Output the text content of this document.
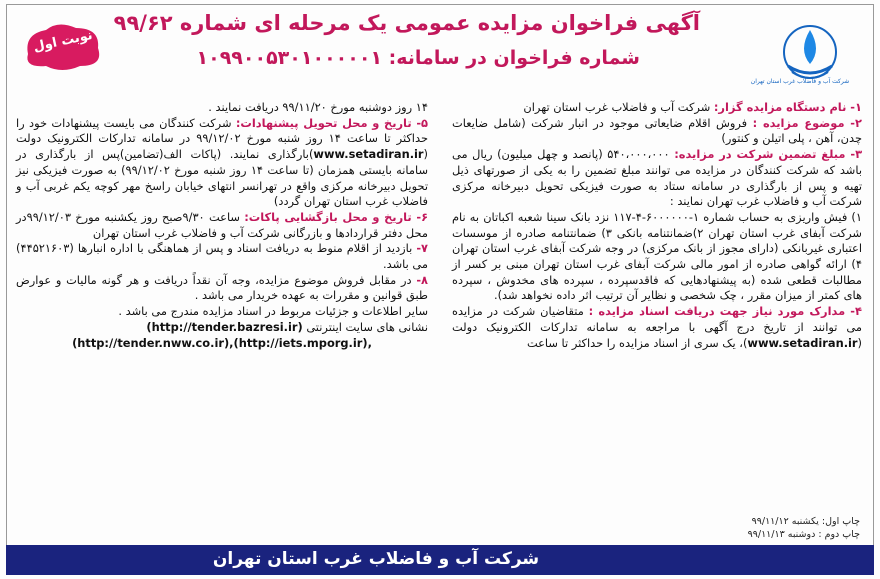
نوبت اول
آگهی فراخوان مزایده عمومی یک مرحله ای شماره ۹۹/۶۲
شماره فراخوان در سامانه: ۱۰۹۹۰۰۵۳۰۱۰۰۰۰۰۱
شرکت آب و فاضلاب غرب استان تهران

۱- نام دستگاه مزایده گزار: شرکت آب و فاضلاب غرب استان تهران

۲- موضوع مزایده : فروش اقلام ضایعاتی موجود در انبار شرکت (شامل ضایعات چدن، آهن ، پلی اتیلن و کنتور)

۳- مبلغ تضمین شرکت در مزایده: ۵۴۰،۰۰۰،۰۰۰ (پانصد و چهل میلیون) ریال می باشد که شرکت کنندگان در مزایده می توانند مبلغ تضمین را به یکی از صورتهای ذیل تهیه و پس از بارگذاری در سامانه ستاد به صورت فیزیکی تحویل دبیرخانه مرکزی شرکت آب و فاضلاب غرب تهران نمایند :

۱) فیش واریزی به حساب شماره ۱-۶۰۰۰۰۰۰-۴-۱۱۷ نزد بانک سینا شعبه اکباتان به نام شرکت آبفای غرب استان تهران ۲)ضمانتنامه بانکی ۳) ضمانتنامه صادره از موسسات اعتباری غیربانکی (دارای مجوز از بانک مرکزی) در وجه شرکت آبفای غرب استان تهران ۴) ارائه گواهی صادره از امور مالی شرکت آبفای غرب استان تهران مبنی بر کسر از مطالبات قطعی شده (به پیشنهادهایی که فاقدسپرده ، سپرده های مخدوش ، سپرده های کمتر از میزان مقرر ، چک شخصی و نظایر آن ترتیب اثر داده نخواهد شد).

۴- مدارک مورد نیاز جهت دریافت اسناد مزایده : متقاضیان شرکت در مزایده می توانند از تاریخ درج آگهی با مراجعه به سامانه تدارکات الکترونیک دولت (www.setadiran.ir)، یک سری از اسناد مزایده را حداکثر تا ساعت

۱۴ روز دوشنبه مورخ ۹۹/۱۱/۲۰ دریافت نمایند .

۵- تاریخ و محل تحویل پیشنهادات: شرکت کنندگان می بایست پیشنهادات خود را حداکثر تا ساعت ۱۴ روز شنبه مورخ ۹۹/۱۲/۰۲ در سامانه تدارکات الکترونیک دولت (www.setadiran.ir)بارگذاری نمایند. (پاکات الف(تضامین)پس از بارگذاری در سامانه بایستی همزمان (تا ساعت ۱۴ روز شنبه مورخ ۹۹/۱۲/۰۲) به صورت فیزیکی نیز تحویل دبیرخانه مرکزی واقع در تهرانسر انتهای خیابان راسخ مهر کوچه یکم غربی آب و فاضلاب غرب استان تهران گردد)

۶- تاریخ و محل بازگشایی پاکات: ساعت ۹/۳۰صبح روز یکشنبه مورخ ۹۹/۱۲/۰۳در محل دفتر قراردادها و بازرگانی شرکت آب و فاضلاب غرب استان تهران

۷- بازدید از اقلام منوط به دریافت اسناد و پس از هماهنگی با اداره انبارها (۴۴۵۲۱۶۰۳) می باشد.

۸- در مقابل فروش موضوع مزایده، وجه آن نقداً دریافت و هر گونه مالیات و عوارض طبق قوانین و مقررات به عهده خریدار می باشد .

سایر اطلاعات و جزئیات مربوط در اسناد مزایده مندرج می باشد .

نشانی های سایت اینترنتی (http://tender.bazresi.ir)

(http://tender.nww.co.ir),(http://iets.mporg.ir),

چاپ اول: یکشنبه ۹۹/۱۱/۱۲
چاپ دوم : دوشنبه ۹۹/۱۱/۱۳
شرکت آب و فاضلاب غرب استان تهران
